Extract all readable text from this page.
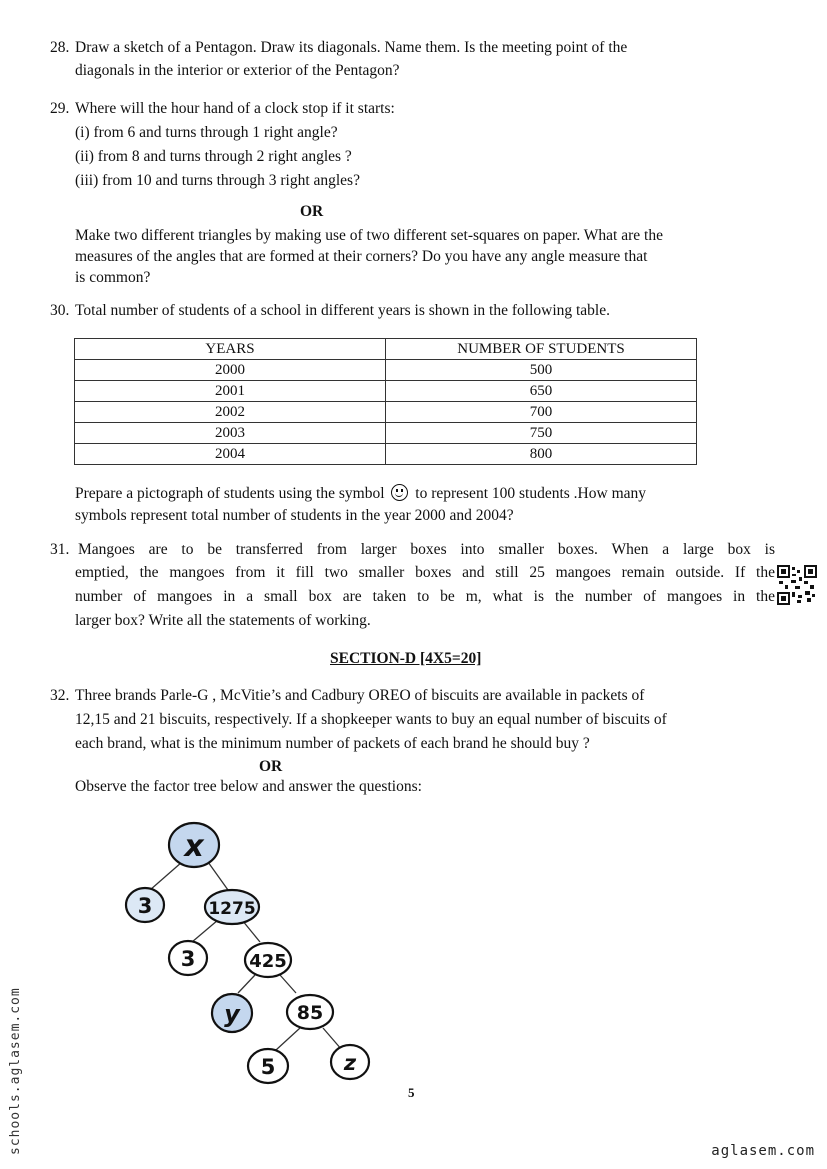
28. Draw a sketch of a Pentagon. Draw its diagonals. Name them. Is the meeting point of the
diagonals in the interior or exterior of the Pentagon?
29. Where will the hour hand of a clock stop if it starts:
(i) from 6 and turns through 1 right angle?
(ii) from 8 and turns through 2 right angles ?
(iii) from 10 and turns through 3 right angles?
OR
Make two different triangles by making use of two different set-squares on paper. What are the
measures of the angles that are formed at their corners? Do you have any angle measure that
is common?
30. Total number of students of a school in different years is shown in the following table.
YEARS	NUMBER OF STUDENTS
2000	500
2001	650
2002	700
2003	750
2004	800
Prepare a pictograph of students using the symbol to represent 100 students .How many
symbols represent total number of students in the year 2000 and 2004?
31. Mangoes are to be transferred from larger boxes into smaller boxes. When a large box is
emptied, the mangoes from it fill two smaller boxes and still 25 mangoes remain outside. If the
number of mangoes in a small box are taken to be m, what is the number of mangoes in the
larger box? Write all the statements of working.
SECTION-D [4X5=20]
32. Three brands Parle-G , McVitie’s and Cadbury OREO of biscuits are available in packets of
12,15 and 21 biscuits, respectively. If a shopkeeper wants to buy an equal number of biscuits of
each brand, what is the minimum number of packets of each brand he should buy ?
OR
Observe the factor tree below and answer the questions:
x
3	1275
3	425
y	85
5	z
5
schools.aglasem.com	aglasem.com
